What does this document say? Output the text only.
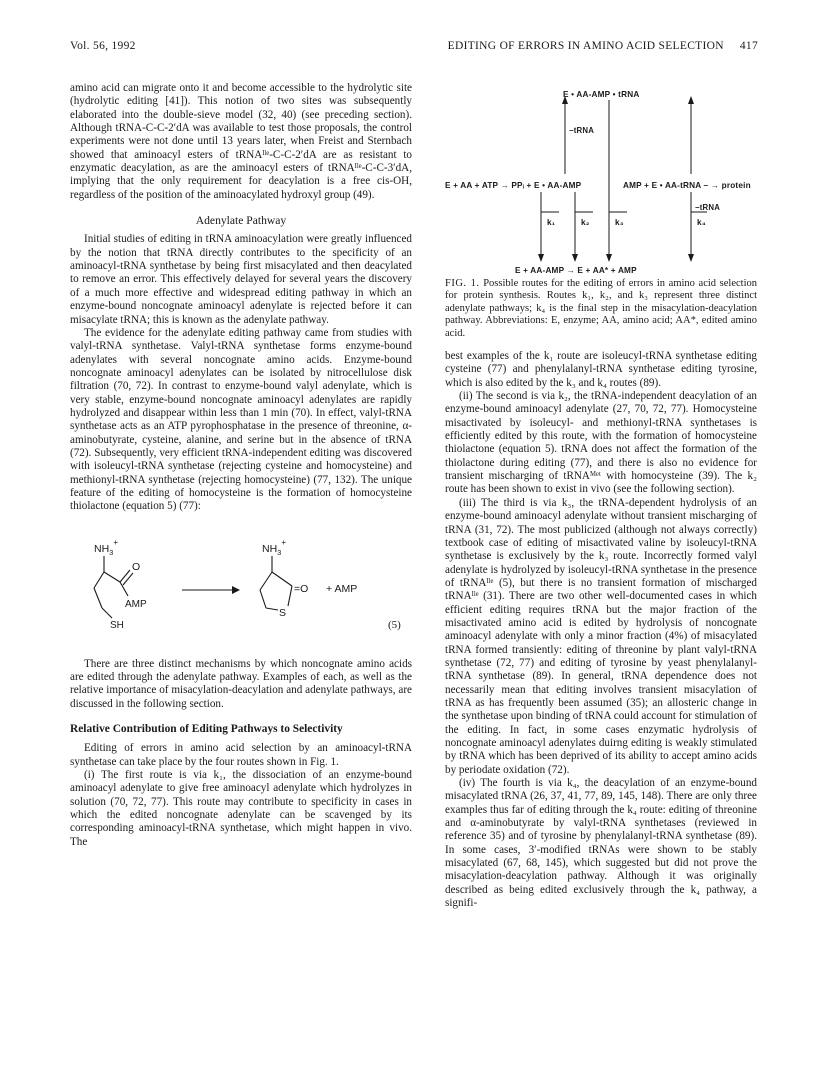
Vol. 56, 1992	EDITING OF ERRORS IN AMINO ACID SELECTION 417

amino acid can migrate onto it and become accessible to the hydrolytic site (hydrolytic editing [41]). This notion of two sites was subsequently elaborated into the double-sieve model (32, 40) (see preceding section). Although tRNA-C-C-2′dA was available to test those proposals, the control experiments were not done until 13 years later, when Freist and Sternbach showed that aminoacyl esters of tRNAᴵˡᵉ-C-C-2′dA are as resistant to enzymatic deacylation, as are the aminoacyl esters of tRNAᴵˡᵉ-C-C-3′dA, implying that the only requirement for deacylation is a free cis-OH, regardless of the position of the aminoacylated hydroxyl group (49).

Adenylate Pathway

Initial studies of editing in tRNA aminoacylation were greatly influenced by the notion that tRNA directly contributes to the specificity of an aminoacyl-tRNA synthetase by being first misacylated and then deacylated to remove an error. This effectively delayed for several years the discovery of a much more effective and widespread editing pathway in which an enzyme-bound noncognate aminoacyl adenylate is rejected before it can misacylate tRNA; this is known as the adenylate pathway.

The evidence for the adenylate editing pathway came from studies with valyl-tRNA synthetase. Valyl-tRNA synthetase forms enzyme-bound adenylates with several noncognate amino acids. Enzyme-bound noncognate aminoacyl adenylates can be isolated by nitrocellulose disk filtration (70, 72). In contrast to enzyme-bound valyl adenylate, which is very stable, enzyme-bound noncognate aminoacyl adenylates are rapidly hydrolyzed and disappear within less than 1 min (70). In effect, valyl-tRNA synthetase acts as an ATP pyrophosphatase in the presence of threonine, α-aminobutyrate, cysteine, alanine, and serine but in the absence of tRNA (72). Subsequently, very efficient tRNA-independent editing was discovered with isoleucyl-tRNA synthetase (rejecting cysteine and homocysteine) and methionyl-tRNA synthetase (rejecting homocysteine) (77, 132). The unique feature of the editing of homocysteine is the formation of homocysteine thiolactone (equation 5) (77):

$NH_3^+$
O
AMP
SH
$NH_3^+$
=O
S
+ AMP
(5)

There are three distinct mechanisms by which noncognate amino acids are edited through the adenylate pathway. Examples of each, as well as the relative importance of misacylation-deacylation and adenylate pathways, are discussed in the following section.

Relative Contribution of Editing Pathways to Selectivity

Editing of errors in amino acid selection by an aminoacyl-tRNA synthetase can take place by the four routes shown in Fig. 1.

(i) The first route is via k₁, the dissociation of an enzyme-bound aminoacyl adenylate to give free aminoacyl adenylate which hydrolyzes in solution (70, 72, 77). This route may contribute to specificity in cases in which the edited noncognate adenylate can be scavenged by its corresponding aminoacyl-tRNA synthetase, which might happen in vivo. The

E • AA-AMP • tRNA
−tRNA
E + AA + ATP → PPᵢ + E • AA-AMP	AMP + E • AA-tRNA – → protein
−tRNA
k₁	k₂	k₃	k₄
E + AA-AMP → E + AA* + AMP

FIG. 1. Possible routes for the editing of errors in amino acid selection for protein synthesis. Routes k₁, k₂, and k₃ represent three distinct adenylate pathways; k₄ is the final step in the misacylation-deacylation pathway. Abbreviations: E, enzyme; AA, amino acid; AA*, edited amino acid.

best examples of the k₁ route are isoleucyl-tRNA synthetase editing cysteine (77) and phenylalanyl-tRNA synthetase editing tyrosine, which is also edited by the k₃ and k₄ routes (89).

(ii) The second is via k₂, the tRNA-independent deacylation of an enzyme-bound aminoacyl adenylate (27, 70, 72, 77). Homocysteine misactivated by isoleucyl- and methionyl-tRNA synthetases is efficiently edited by this route, with the formation of homocysteine thiolactone (equation 5). tRNA does not affect the formation of the thiolactone during editing (77), and there is also no evidence for transient mischarging of tRNAᴹᵉᵗ with homocysteine (39). The k₂ route has been shown to exist in vivo (see the following section).

(iii) The third is via k₃, the tRNA-dependent hydrolysis of an enzyme-bound aminoacyl adenylate without transient mischarging of tRNA (31, 72). The most publicized (although not always correctly) textbook case of editing of misactivated valine by isoleucyl-tRNA synthetase is exclusively by the k₃ route. Incorrectly formed valyl adenylate is hydrolyzed by isoleucyl-tRNA synthetase in the presence of tRNAᴵˡᵉ (5), but there is no transient formation of mischarged tRNAᴵˡᵉ (31). There are two other well-documented cases in which efficient editing requires tRNA but the major fraction of the misactivated amino acid is edited by hydrolysis of noncognate aminoacyl adenylate with only a minor fraction (4%) of misacylated tRNA formed transiently: editing of threonine by plant valyl-tRNA synthetase (72, 77) and editing of tyrosine by yeast phenylalanyl-tRNA synthetase (89). In general, tRNA dependence does not necessarily mean that editing involves transient misacylation of tRNA as has frequently been assumed (35); an allosteric change in the synthetase upon binding of tRNA could account for stimulation of the editing. In fact, in some cases enzymatic hydrolysis of noncognate aminoacyl adenylates duirng editing is weakly stimulated by tRNA which has been deprived of its ability to accept amino acids by periodate oxidation (72).

(iv) The fourth is via k₄, the deacylation of an enzyme-bound misacylated tRNA (26, 37, 41, 77, 89, 145, 148). There are only three examples thus far of editing through the k₄ route: editing of threonine and α-aminobutyrate by valyl-tRNA synthetases (reviewed in reference 35) and of tyrosine by phenylalanyl-tRNA synthetase (89). In some cases, 3′-modified tRNAs were shown to be stably misacylated (67, 68, 145), which suggested but did not prove the misacylation-deacylation pathway. Although it was originally described as being edited exclusively through the k₄ pathway, a signifi-
